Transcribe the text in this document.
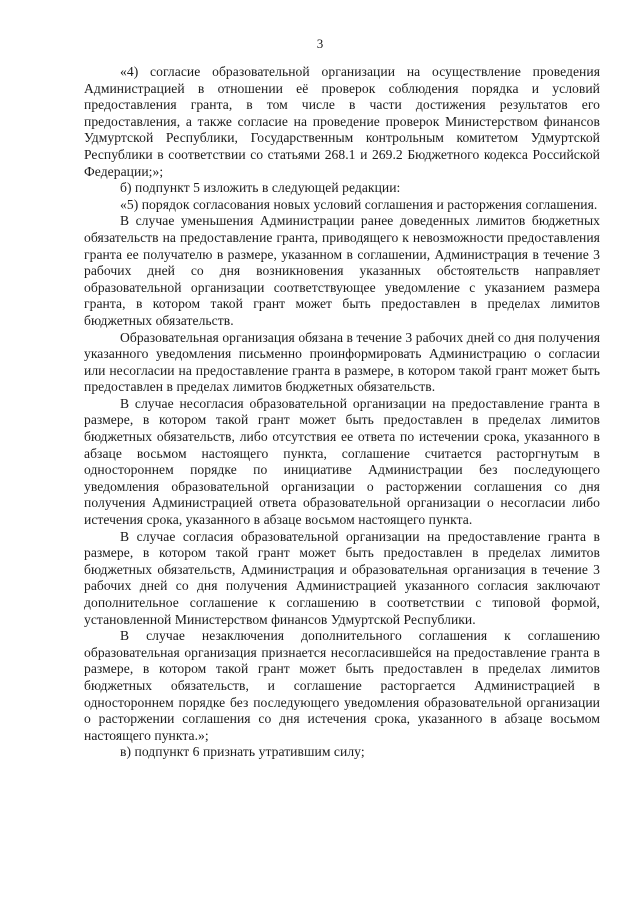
3

«4) согласие образовательной организации на осуществление проведения Администрацией в отношении её проверок соблюдения порядка и условий предоставления гранта, в том числе в части достижения результатов его предоставления, а также согласие на проведение проверок Министерством финансов Удмуртской Республики, Государственным контрольным комитетом Удмуртской Республики в соответствии со статьями 268.1 и 269.2 Бюджетного кодекса Российской Федерации;»;

б) подпункт 5 изложить в следующей редакции:

«5) порядок согласования новых условий соглашения и расторжения соглашения.

В случае уменьшения Администрации ранее доведенных лимитов бюджетных обязательств на предоставление гранта, приводящего к невозможности предоставления гранта ее получателю в размере, указанном в соглашении, Администрация в течение 3 рабочих дней со дня возникновения указанных обстоятельств направляет образовательной организации соответствующее уведомление с указанием размера гранта, в котором такой грант может быть предоставлен в пределах лимитов бюджетных обязательств.

Образовательная организация обязана в течение 3 рабочих дней со дня получения указанного уведомления письменно проинформировать Администрацию о согласии или несогласии на предоставление гранта в размере, в котором такой грант может быть предоставлен в пределах лимитов бюджетных обязательств.

В случае несогласия образовательной организации на предоставление гранта в размере, в котором такой грант может быть предоставлен в пределах лимитов бюджетных обязательств, либо отсутствия ее ответа по истечении срока, указанного в абзаце восьмом настоящего пункта, соглашение считается расторгнутым в одностороннем порядке по инициативе Администрации без последующего уведомления образовательной организации о расторжении соглашения со дня получения Администрацией ответа образовательной организации о несогласии либо истечения срока, указанного в абзаце восьмом настоящего пункта.

В случае согласия образовательной организации на предоставление гранта в размере, в котором такой грант может быть предоставлен в пределах лимитов бюджетных обязательств, Администрация и образовательная организация в течение 3 рабочих дней со дня получения Администрацией указанного согласия заключают дополнительное соглашение к соглашению в соответствии с типовой формой, установленной Министерством финансов Удмуртской Республики.

В случае незаключения дополнительного соглашения к соглашению образовательная организация признается несогласившейся на предоставление гранта в размере, в котором такой грант может быть предоставлен в пределах лимитов бюджетных обязательств, и соглашение расторгается Администрацией в одностороннем порядке без последующего уведомления образовательной организации о расторжении соглашения со дня истечения срока, указанного в абзаце восьмом настоящего пункта.»;

в) подпункт 6 признать утратившим силу;
